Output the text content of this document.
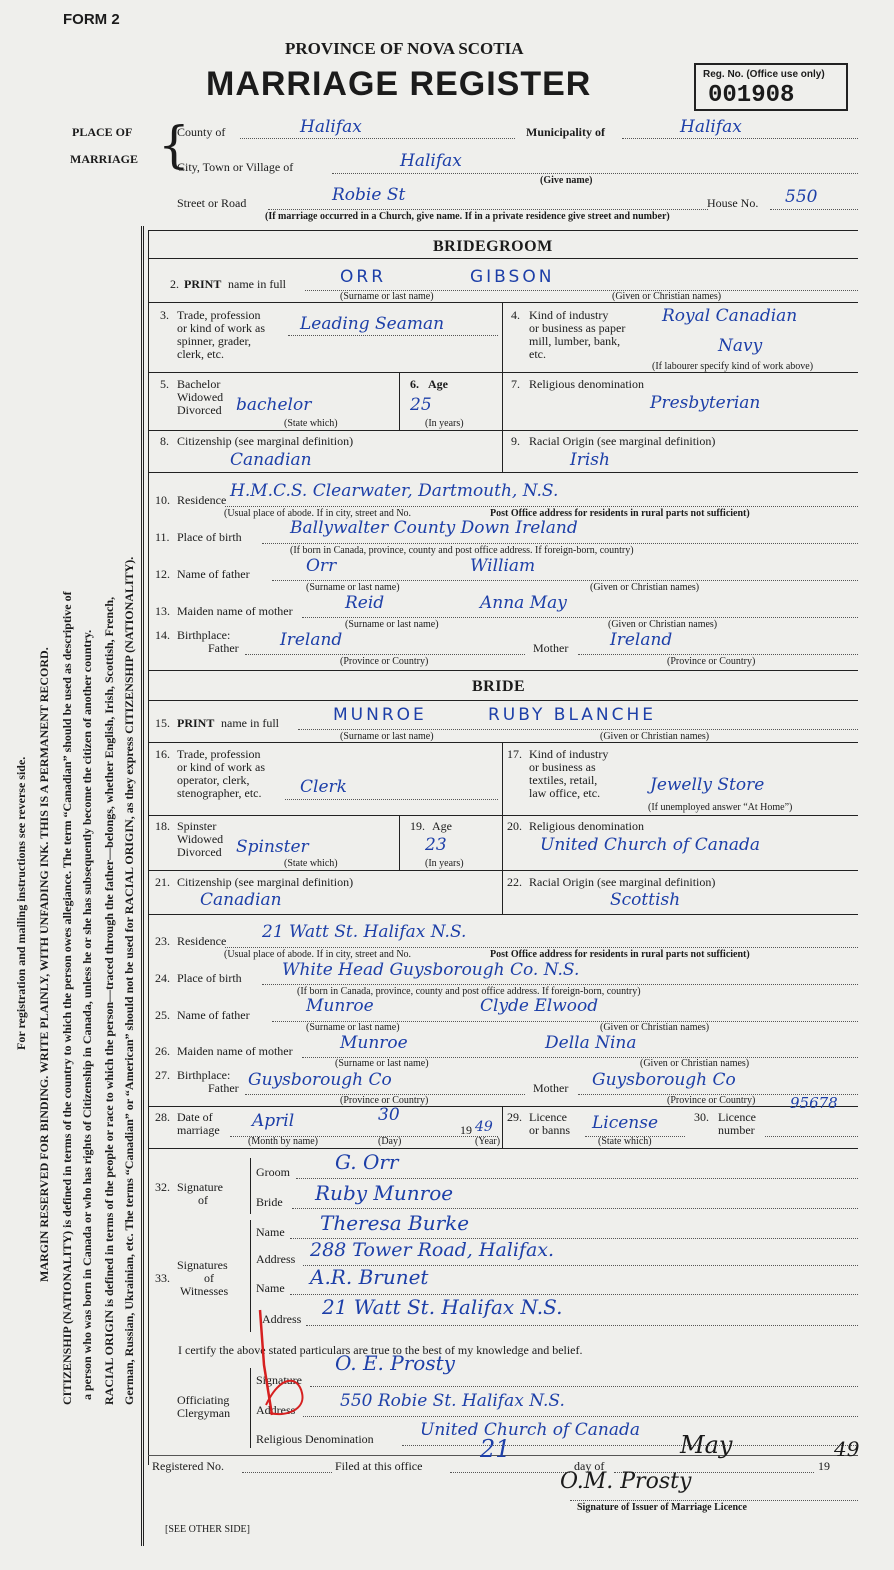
FORM 2
PROVINCE OF NOVA SCOTIA
MARRIAGE REGISTER	Reg. No. (Office use only)
001908
PLACE OF
MARRIAGE {
County of	Halifax	Municipality of	Halifax
City, Town or Village of	Halifax
(Give name)
Street or Road	Robie St	House No. 550
(If marriage occurred in a Church, give name. If in a private residence give street and number)
For registration and mailing instructions see reverse side. MARGIN RESERVED FOR BINDING. WRITE PLAINLY, WITH UNFADING INK. THIS IS A PERMANENT RECORD. CITIZENSHIP (NATIONALITY) is defined in terms of the country to which the person owes allegiance. The term “Canadian” should be used as descriptive of a person who was born in Canada or who has rights of Citizenship in Canada, unless he or she has subsequently become the citizen of another country. RACIAL ORIGIN is defined in terms of the people or race to which the person—traced through the father—belongs, whether English, Irish, Scottish, French, German, Russian, Ukrainian, etc. The terms “Canadian” or “American” should not be used for RACIAL ORIGIN, as they express CITIZENSHIP (NATIONALITY).
BRIDEGROOM
2. PRINT name in full	ORR	GIBSON
(Surname or last name)	(Given or Christian names)
3. Trade, profession
or kind of work as
spinner, grader,
clerk, etc.
Leading Seaman	4. Kind of industry
or business as paper
mill, lumber, bank,
etc.
Royal Canadian
Navy
(If labourer specify kind of work above)
5. Bachelor
Widowed
Divorced bachelor
(State which)
6. Age
25
(In years)
7. Religious denomination
Presbyterian
8. Citizenship (see marginal definition)
Canadian
9. Racial Origin (see marginal definition)
Irish
10. Residence H.M.C.S. Clearwater, Dartmouth, N.S.
(Usual place of abode. If in city, street and No.	Post Office address for residents in rural parts not sufficient)
11. Place of birth	Ballywalter County Down Ireland
(If born in Canada, province, county and post office address. If foreign-born, country)
12. Name of father	Orr	William
(Surname or last name)	(Given or Christian names)
13. Maiden name of mother	Reid	Anna May
(Surname or last name)	(Given or Christian names)
14. Birthplace:
Father Ireland
(Province or Country)
Mother Ireland
(Province or Country)
BRIDE
15. PRINT name in full	MUNROE	RUBY BLANCHE
(Surname or last name)	(Given or Christian names)
16. Trade, profession
or kind of work as
operator, clerk,
stenographer, etc. Clerk
17. Kind of industry
or business as
textiles, retail,
law office, etc.	Jewelly Store
(If unemployed answer “At Home”)
18. Spinster
Widowed
Divorced Spinster
(State which)
19. Age
23
(In years)
20. Religious denomination
United Church of Canada
21. Citizenship (see marginal definition)
Canadian
22. Racial Origin (see marginal definition)
Scottish
23. Residence 21 Watt St. Halifax N.S.
(Usual place of abode. If in city, street and No.	Post Office address for residents in rural parts not sufficient)
24. Place of birth White Head Guysborough Co. N.S.
(If born in Canada, province, county and post office address. If foreign-born, country)
25. Name of father	Munroe	Clyde Elwood
(Surname or last name)	(Given or Christian names)
26. Maiden name of mother	Munroe	Della Nina
(Surname or last name)	(Given or Christian names)
27. Birthplace:
Father Guysborough Co
(Province or Country)
Mother Guysborough Co
(Province or Country)
28. Date of
marriage April	30
19 49
(Month by name)	(Day)	(Year)
29. Licence
or banns License
(State which)
30. Licence
number
95678
32. Signature
of
Groom G. Orr
Bride Ruby Munroe
33.
Signatures
of
Witnesses
Name Theresa Burke
Address 288 Tower Road, Halifax.
Name A.R. Brunet
Address 21 Watt St. Halifax N.S.
I certify the above stated particulars are true to the best of my knowledge and belief.
Officiating
Clergyman
Signature
O. E. Prosty
Address	550 Robie St. Halifax N.S.
Religious Denomination	United Church of Canada
Registered No.	Filed at this office
21
day of
May
19
49
O.M. Prosty
Signature of Issuer of Marriage Licence
[SEE OTHER SIDE]
